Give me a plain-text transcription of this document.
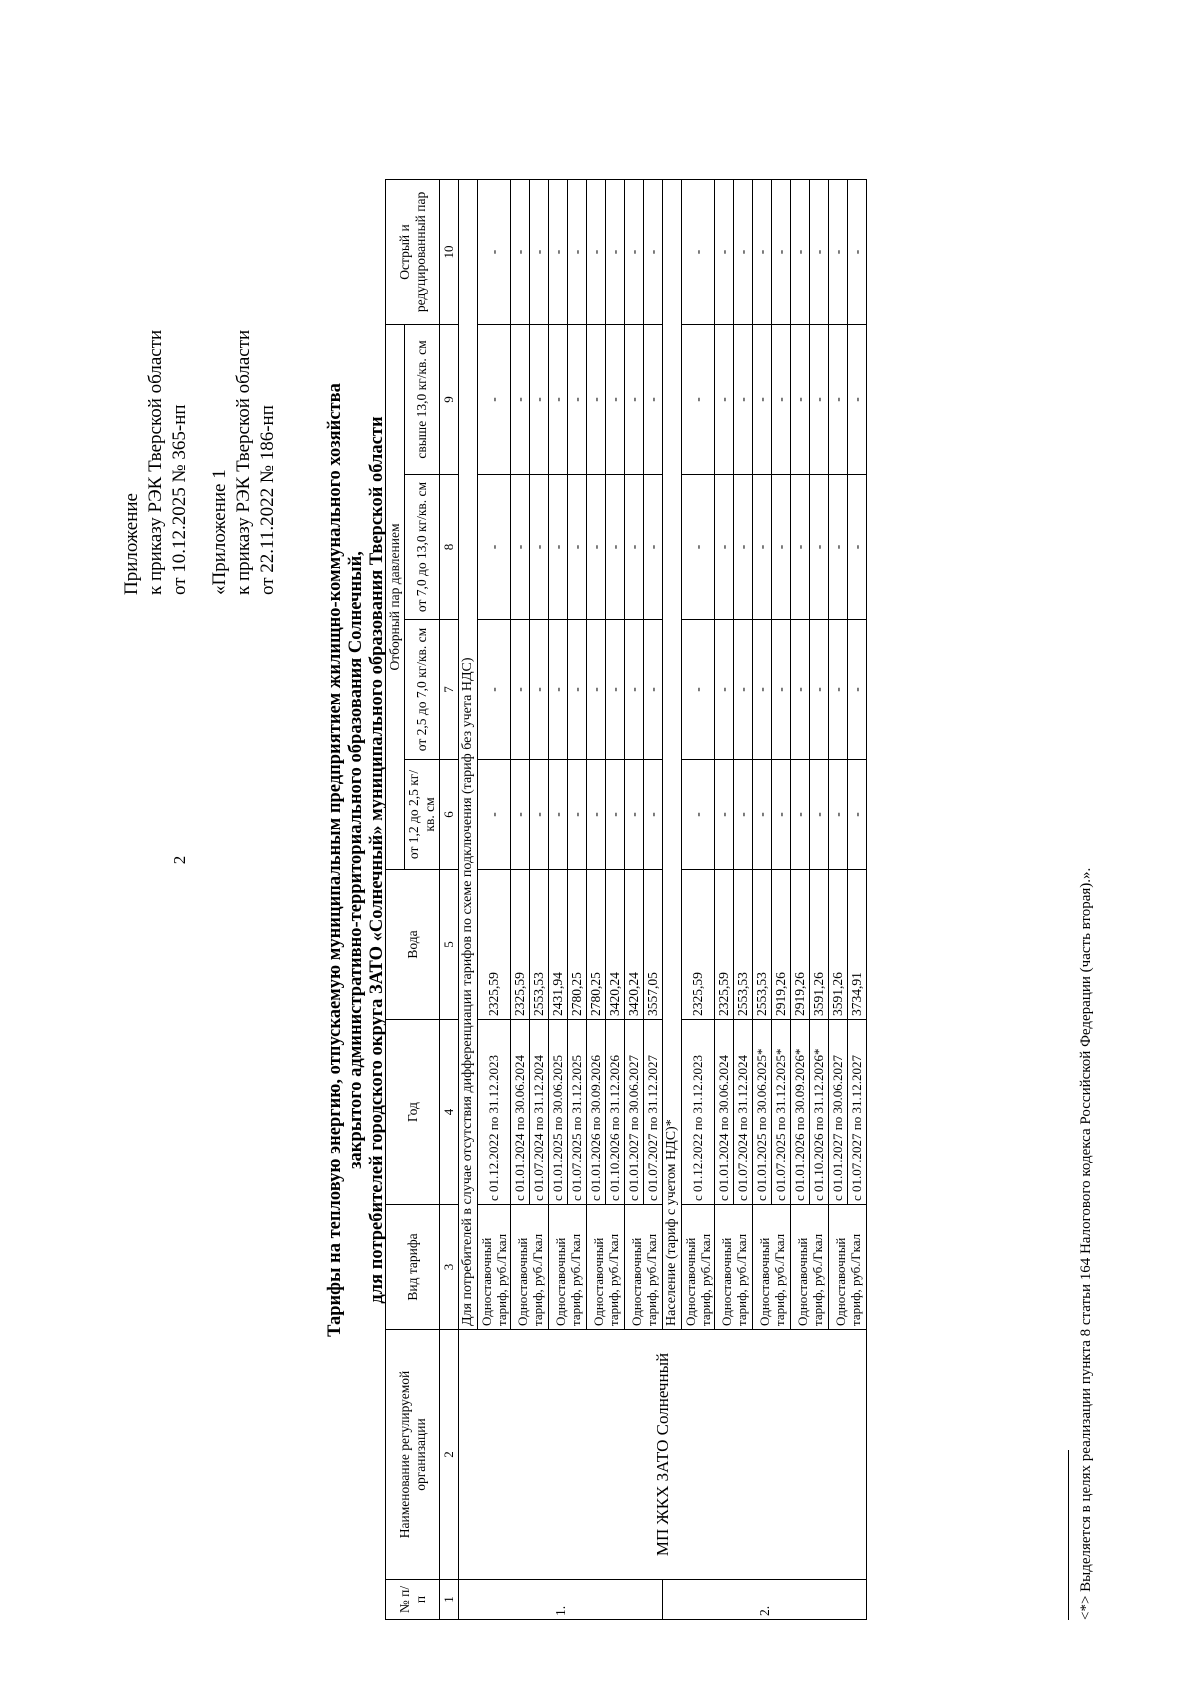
2
Приложение к приказу РЭК Тверской области от 10.12.2025 № 365-нп «Приложение 1 к приказу РЭК Тверской области от 22.11.2022 № 186-нп	Тарифы на тепловую энергию, отпускаемую муниципальным предприятием жилищно-коммунального хозяйства закрытого административно-территориального образования Солнечный, для потребителей городского округа ЗАТО «Солнечный» муниципального образования Тверской области
№ п/п	Наименование регулируемой организации	Вид тарифа	Год	Вода	Отборный пар давлением				Острый и редуцированный пар
					от 1,2 до 2,5 кг/кв. см	от 2,5 до 7,0 кг/кв. см	от 7,0 до 13,0 кг/кв. см	свыше 13,0 кг/кв. см	
1	2	3	4	5	6	7	8	9	10
1.	МП ЖКХ ЗАТО Солнечный	Для потребителей в случае отсутствия дифференциации тарифов по схеме подключения (тариф без учета НДС)							
		Одноставочный тариф, руб./Гкал	с 01.12.2022 по 31.12.2023	2325,59	-	-	-	-	-
		Одноставочный тариф, руб./Гкал	с 01.01.2024 по 30.06.2024	2325,59	-	-	-	-	-
			с 01.07.2024 по 31.12.2024	2553,53	-	-	-	-	-
		Одноставочный тариф, руб./Гкал	с 01.01.2025 по 30.06.2025	2431,94	-	-	-	-	-
			с 01.07.2025 по 31.12.2025	2780,25	-	-	-	-	-
		Одноставочный тариф, руб./Гкал	с 01.01.2026 по 30.09.2026	2780,25	-	-	-	-	-
			с 01.10.2026 по 31.12.2026	3420,24	-	-	-	-	-
		Одноставочный тариф, руб./Гкал	с 01.01.2027 по 30.06.2027	3420,24	-	-	-	-	-
			с 01.07.2027 по 31.12.2027	3557,05	-	-	-	-	-
2.		Население (тариф с учетом НДС)*							
		Одноставочный тариф, руб./Гкал	с 01.12.2022 по 31.12.2023	2325,59	-	-	-	-	-
		Одноставочный тариф, руб./Гкал	с 01.01.2024 по 30.06.2024	2325,59	-	-	-	-	-
			с 01.07.2024 по 31.12.2024	2553,53	-	-	-	-	-
		Одноставочный тариф, руб./Гкал	с 01.01.2025 по 30.06.2025*	2553,53	-	-	-	-	-
			с 01.07.2025 по 31.12.2025*	2919,26	-	-	-	-	-
		Одноставочный тариф, руб./Гкал	с 01.01.2026 по 30.09.2026*	2919,26	-	-	-	-	-
			с 01.10.2026 по 31.12.2026*	3591,26	-	-	-	-	-
		Одноставочный тариф, руб./Гкал	с 01.01.2027 по 30.06.2027	3591,26	-	-	-	-	-
			с 01.07.2027 по 31.12.2027	3734,91	-	-	-	-	-
<*> Выделяется в целях реализации пункта 8 статьи 164 Налогового кодекса Российской Федерации (часть вторая).».
